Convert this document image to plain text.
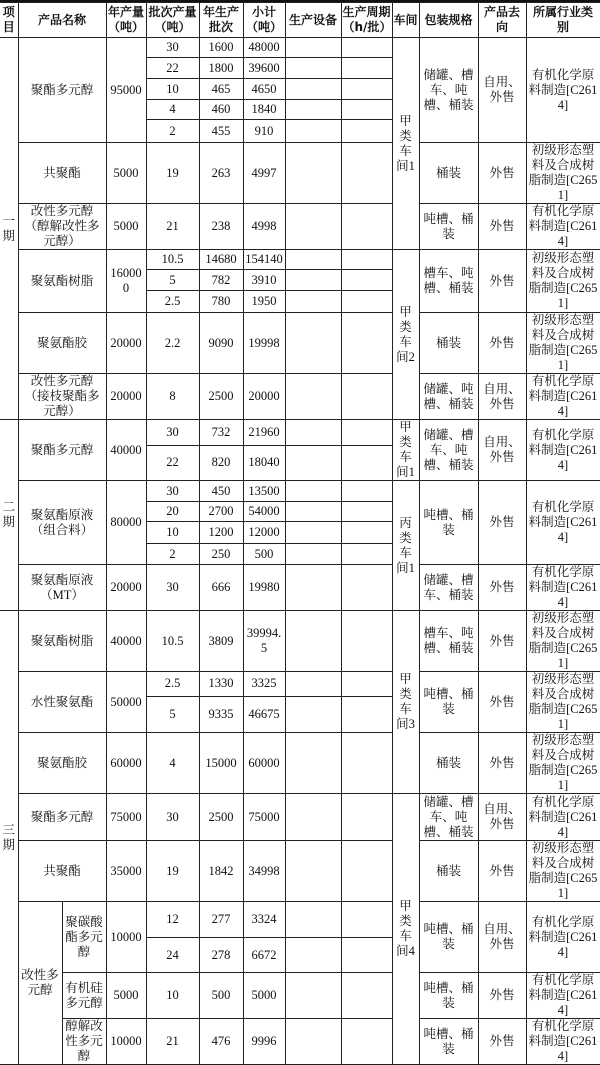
项目	产品名称		年产量（吨）	批次产量（吨）	年生产批次	小计（吨）	生产设备	生产周期（h/批）	车间	包装规格	产品去向	所属行业类别
一期	聚酯多元醇		95000	30	1600	48000			甲类车间1	储罐、槽车、吨槽、桶装	自用、外售	有机化学原料制造[C2614]
				22	1800	39600						
				10	465	4650						
				4	460	1840						
				2	455	910						
	共聚酯		5000	19	263	4997				桶装	外售	初级形态塑料及合成树脂制造[C2651]
	改性多元醇（醇解改性多元醇）		5000	21	238	4998				吨槽、桶装	外售	有机化学原料制造[C2614]
	聚氨酯树脂		160000	10.5	14680	154140			甲类车间2	槽车、吨槽、桶装	外售	初级形态塑料及合成树脂制造[C2651]
				5	782	3910						
				2.5	780	1950						
	聚氨酯胶		20000	2.2	9090	19998				桶装	外售	初级形态塑料及合成树脂制造[C2651]
	改性多元醇（接枝聚酯多元醇）		20000	8	2500	20000				储罐、吨槽、桶装	自用、外售	有机化学原料制造[C2614]
二期	聚酯多元醇		40000	30	732	21960			甲类车间1	储罐、槽车、吨槽、桶装	自用、外售	有机化学原料制造[C2614]
				22	820	18040						
	聚氨酯原液（组合料）		80000	30	450	13500			丙类车间1	吨槽、桶装	外售	有机化学原料制造[C2614]
				20	2700	54000						
				10	1200	12000						
				2	250	500						
	聚氨酯原液（MT）		20000	30	666	19980				储罐、槽车、桶装	外售	有机化学原料制造[C2614]
三期	聚氨酯树脂		40000	10.5	3809	39994.5			甲类车间3	槽车、吨槽、桶装	外售	初级形态塑料及合成树脂制造[C2651]
	水性聚氨酯		50000	2.5	1330	3325				吨槽、桶装	外售	初级形态塑料及合成树脂制造[C2651]
				5	9335	46675						
	聚氨酯胶		60000	4	15000	60000				桶装	外售	初级形态塑料及合成树脂制造[C2651]
	聚酯多元醇		75000	30	2500	75000			甲类车间4	储罐、槽车、吨槽、桶装	自用、外售	有机化学原料制造[C2614]
	共聚酯		35000	19	1842	34998				桶装	外售	初级形态塑料及合成树脂制造[C2651]
	改性多元醇	聚碳酸酯多元醇	10000	12	277	3324				吨槽、桶装	自用、外售	有机化学原料制造[C2614]
				24	278	6672						
		有机硅多元醇	5000	10	500	5000				吨槽、桶装	外售	有机化学原料制造[C2614]
		醇解改性多元醇	10000	21	476	9996				吨槽、桶装	外售	有机化学原料制造[C2614]
